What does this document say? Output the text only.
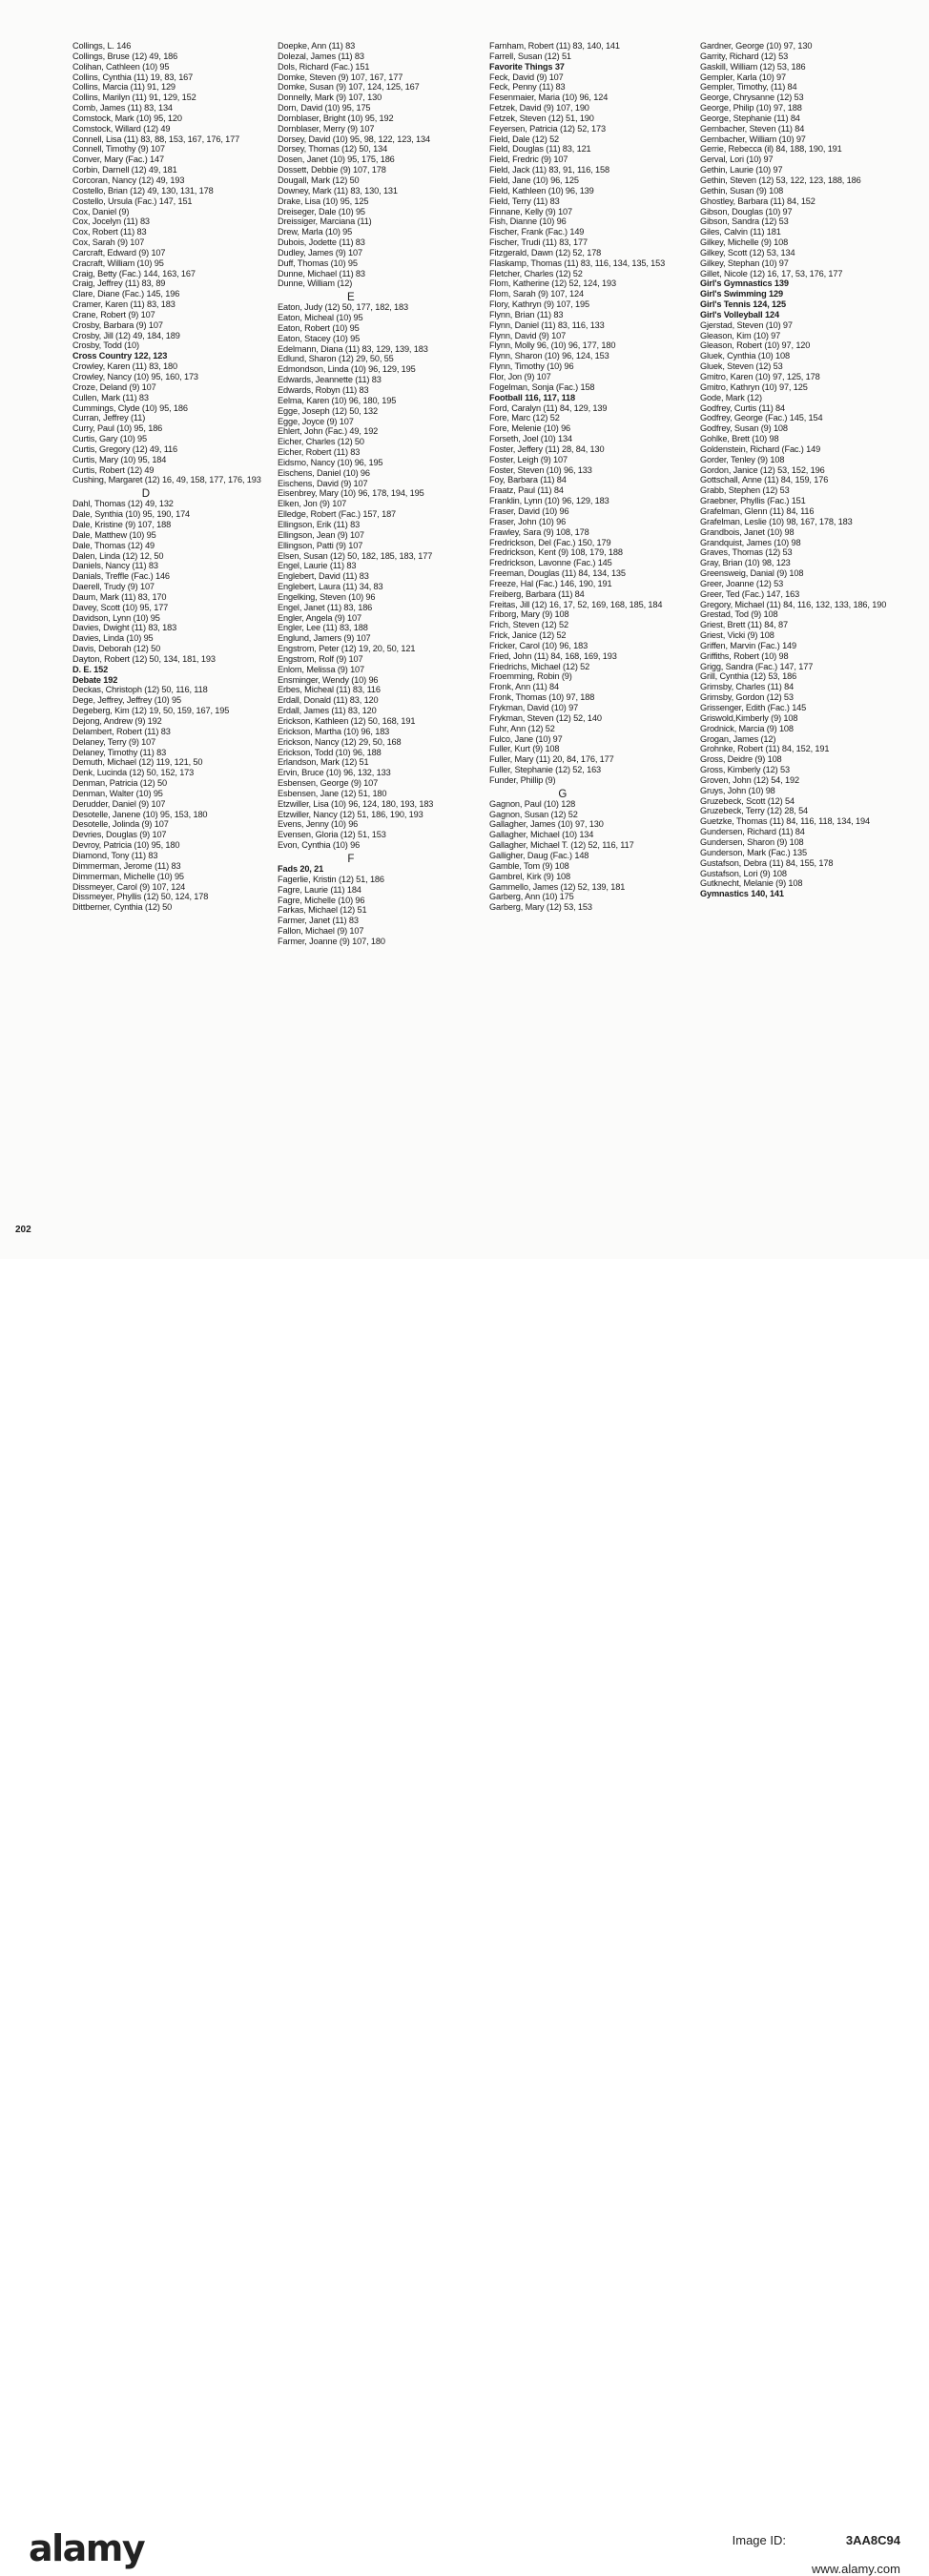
Collings, L. 146
Collings, Bruse (12) 49, 186
Colihan, Cathleen (10) 95
Collins, Cynthia (11) 19, 83, 167
Collins, Marcia (11) 91, 129
Collins, Marilyn (11) 91, 129, 152
Comb, James (11) 83, 134
Comstock, Mark (10) 95, 120
Comstock, Willard (12) 49
Connell, Lisa (11) 83, 88, 153, 167, 176, 177
Connell, Timothy (9) 107
Conver, Mary (Fac.) 147
Corbin, Darnell (12) 49, 181
Corcoran, Nancy (12) 49, 193
Costello, Brian (12) 49, 130, 131, 178
Costello, Ursula (Fac.) 147, 151
Cox, Daniel (9)
Cox, Jocelyn (11) 83
Cox, Robert (11) 83
Cox, Sarah (9) 107
Carcraft, Edward (9) 107
Cracraft, William (10) 95
Craig, Betty (Fac.) 144, 163, 167
Craig, Jeffrey (11) 83, 89
Clare, Diane (Fac.) 145, 196
Cramer, Karen (11) 83, 183
Crane, Robert (9) 107
Crosby, Barbara (9) 107
Crosby, Jill (12) 49, 184, 189
Crosby, Todd (10)
Cross Country 122, 123
Crowley, Karen (11) 83, 180
Crowley, Nancy (10) 95, 160, 173
Croze, Deland (9) 107
Cullen, Mark (11) 83
Cummings, Clyde (10) 95, 186
Curran, Jeffrey (11)
Curry, Paul (10) 95, 186
Curtis, Gary (10) 95
Curtis, Gregory (12) 49, 116
Curtis, Mary (10) 95, 184
Curtis, Robert (12) 49
Cushing, Margaret (12) 16, 49, 158, 177, 176, 193
D
Dahl, Thomas (12) 49, 132
Dale, Synthia (10) 95, 190, 174
Dale, Kristine (9) 107, 188
Dale, Matthew (10) 95
Dale, Thomas (12) 49
Dalen, Linda (12) 12, 50
Daniels, Nancy (11) 83
Danials, Treffle (Fac.) 146
Daerell, Trudy (9) 107
Daum, Mark (11) 83, 170
Davey, Scott (10) 95, 177
Davidson, Lynn (10) 95
Davies, Dwight (11) 83, 183
Davies, Linda (10) 95
Davis, Deborah (12) 50
Dayton, Robert (12) 50, 134, 181, 193
D. E. 152
Debate 192
Deckas, Christoph (12) 50, 116, 118
Dege, Jeffrey, Jeffrey (10) 95
Degeberg, Kim (12) 19, 50, 159, 167, 195
Dejong, Andrew (9) 192
Delambert, Robert (11) 83
Delaney, Terry (9) 107
Delaney, Timothy (11) 83
Demuth, Michael (12) 119, 121, 50
Denk, Lucinda (12) 50, 152, 173
Denman, Patricia (12) 50
Denman, Walter (10) 95
Derudder, Daniel (9) 107
Desotelle, Janene (10) 95, 153, 180
Desotelle, Jolinda (9) 107
Devries, Douglas (9) 107
Devroy, Patricia (10) 95, 180
Diamond, Tony (11) 83
Dimmerman, Jerome (11) 83
Dimmerman, Michelle (10) 95
Dissmeyer, Carol (9) 107, 124
Dissmeyer, Phyllis (12) 50, 124, 178
Dittberner, Cynthia (12) 50
Doepke, Ann (11) 83
Dolezal, James (11) 83
Dols, Richard (Fac.) 151
Domke, Steven (9) 107, 167, 177
Domke, Susan (9) 107, 124, 125, 167
Donnelly, Mark (9) 107, 130
Dorn, David (10) 95, 175
Dornblaser, Bright (10) 95, 192
Dornblaser, Merry (9) 107
Dorsey, David (10) 95, 98, 122, 123, 134
Dorsey, Thomas (12) 50, 134
Dosen, Janet (10) 95, 175, 186
Dossett, Debbie (9) 107, 178
Dougall, Mark (12) 50
Downey, Mark (11) 83, 130, 131
Drake, Lisa (10) 95, 125
Dreiseger, Dale (10) 95
Dreissiger, Marciana (11)
Drew, Marla (10) 95
Dubois, Jodette (11) 83
Dudley, James (9) 107
Duff, Thomas (10) 95
Dunne, Michael (11) 83
Dunne, William (12)
E
Eaton, Judy (12) 50, 177, 182, 183
Eaton, Micheal (10) 95
Eaton, Robert (10) 95
Eaton, Stacey (10) 95
Edelmann, Diana (11) 83, 129, 139, 183
Edlund, Sharon (12) 29, 50, 55
Edmondson, Linda (10) 96, 129, 195
Edwards, Jeannette (11) 83
Edwards, Robyn (11) 83
Eelma, Karen (10) 96, 180, 195
Egge, Joseph (12) 50, 132
Egge, Joyce (9) 107
Ehlert, John (Fac.) 49, 192
Eicher, Charles (12) 50
Eicher, Robert (11) 83
Eidsmo, Nancy (10) 96, 195
Eischens, Daniel (10) 96
Eischens, David (9) 107
Eisenbrey, Mary (10) 96, 178, 194, 195
Elken, Jon (9) 107
Elledge, Robert (Fac.) 157, 187
Ellingson, Erik (11) 83
Ellingson, Jean (9) 107
Ellingson, Patti (9) 107
Elsen, Susan (12) 50, 182, 185, 183, 177
Engel, Laurie (11) 83
Englebert, David (11) 83
Englebert, Laura (11) 34, 83
Engelking, Steven (10) 96
Engel, Janet (11) 83, 186
Engler, Angela (9) 107
Engler, Lee (11) 83, 188
Englund, Jamers (9) 107
Engstrom, Peter (12) 19, 20, 50, 121
Engstrom, Rolf (9) 107
Enlom, Melissa (9) 107
Ensminger, Wendy (10) 96
Erbes, Micheal (11) 83, 116
Erdall, Donald (11) 83, 120
Erdall, James (11) 83, 120
Erickson, Kathleen (12) 50, 168, 191
Erickson, Martha (10) 96, 183
Erickson, Nancy (12) 29, 50, 168
Erickson, Todd (10) 96, 188
Erlandson, Mark (12) 51
Ervin, Bruce (10) 96, 132, 133
Esbensen, George (9) 107
Esbensen, Jane (12) 51, 180
Etzwiller, Lisa (10) 96, 124, 180, 193, 183
Etzwiller, Nancy (12) 51, 186, 190, 193
Evens, Jenny (10) 96
Evensen, Gloria (12) 51, 153
Evon, Cynthia (10) 96
F
Fads 20, 21
Fagerlie, Kristin (12) 51, 186
Fagre, Laurie (11) 184
Fagre, Michelle (10) 96
Farkas, Michael (12) 51
Farmer, Janet (11) 83
Fallon, Michael (9) 107
Farmer, Joanne (9) 107, 180
Farnham, Robert (11) 83, 140, 141
Farrell, Susan (12) 51
Favorite Things 37
Feck, David (9) 107
Feck, Penny (11) 83
Fesenmaier, Maria (10) 96, 124
Fetzek, David (9) 107, 190
Fetzek, Steven (12) 51, 190
Feyersen, Patricia (12) 52, 173
Field, Dale (12) 52
Field, Douglas (11) 83, 121
Field, Fredric (9) 107
Field, Jack (11) 83, 91, 116, 158
Field, Jane (10) 96, 125
Field, Kathleen (10) 96, 139
Field, Terry (11) 83
Finnane, Kelly (9) 107
Fish, Dianne (10) 96
Fischer, Frank (Fac.) 149
Fischer, Trudi (11) 83, 177
Fitzgerald, Dawn (12) 52, 178
Flaskamp, Thomas (11) 83, 116, 134, 135, 153
Fletcher, Charles (12) 52
Flom, Katherine (12) 52, 124, 193
Flom, Sarah (9) 107, 124
Flory, Kathryn (9) 107, 195
Flynn, Brian (11) 83
Flynn, Daniel (11) 83, 116, 133
Flynn, David (9) 107
Flynn, Molly 96, (10) 96, 177, 180
Flynn, Sharon (10) 96, 124, 153
Flynn, Timothy (10) 96
Flor, Jon (9) 107
Fogelman, Sonja (Fac.) 158
Football 116, 117, 118
Ford, Caralyn (11) 84, 129, 139
Fore, Marc (12) 52
Fore, Melenie (10) 96
Forseth, Joel (10) 134
Foster, Jeffery (11) 28, 84, 130
Foster, Leigh (9) 107
Foster, Steven (10) 96, 133
Foy, Barbara (11) 84
Fraatz, Paul (11) 84
Franklin, Lynn (10) 96, 129, 183
Fraser, David (10) 96
Fraser, John (10) 96
Frawley, Sara (9) 108, 178
Fredrickson, Del (Fac.) 150, 179
Fredrickson, Kent (9) 108, 179, 188
Fredrickson, Lavonne (Fac.) 145
Freeman, Douglas (11) 84, 134, 135
Freeze, Hal (Fac.) 146, 190, 191
Freiberg, Barbara (11) 84
Freitas, Jill (12) 16, 17, 52, 169, 168, 185, 184
Friborg, Mary (9) 108
Frich, Steven (12) 52
Frick, Janice (12) 52
Fricker, Carol (10) 96, 183
Fried, John (11) 84, 168, 169, 193
Friedrichs, Michael (12) 52
Froemming, Robin (9)
Fronk, Ann (11) 84
Fronk, Thomas (10) 97, 188
Frykman, David (10) 97
Frykman, Steven (12) 52, 140
Fuhr, Ann (12) 52
Fulco, Jane (10) 97
Fuller, Kurt (9) 108
Fuller, Mary (11) 20, 84, 176, 177
Fuller, Stephanie (12) 52, 163
Funder, Phillip (9)
G
Gagnon, Paul (10) 128
Gagnon, Susan (12) 52
Gallagher, James (10) 97, 130
Gallagher, Michael (10) 134
Gallagher, Michael T. (12) 52, 116, 117
Galligher, Daug (Fac.) 148
Gamble, Tom (9) 108
Gambrel, Kirk (9) 108
Gammello, James (12) 52, 139, 181
Garberg, Ann (10) 175
Garberg, Mary (12) 53, 153
Gardner, George (10) 97, 130
Garrity, Richard (12) 53
Gaskill, William (12) 53, 186
Gempler, Karla (10) 97
Gempler, Timothy, (11) 84
George, Chrysanne (12) 53
George, Philip (10) 97, 188
George, Stephanie (11) 84
Gernbacher, Steven (11) 84
Gernbacher, William (10) 97
Gerrie, Rebecca (il) 84, 188, 190, 191
Gerval, Lori (10) 97
Gethin, Laurie (10) 97
Gethin, Steven (12) 53, 122, 123, 188, 186
Gethin, Susan (9) 108
Ghostley, Barbara (11) 84, 152
Gibson, Douglas (10) 97
Gibson, Sandra (12) 53
Giles, Calvin (11) 181
Gilkey, Michelle (9) 108
Gilkey, Scott (12) 53, 134
Gilkey, Stephan (10) 97
Gillet, Nicole (12) 16, 17, 53, 176, 177
Girl's Gymnastics 139
Girl's Swimming 129
Girl's Tennis 124, 125
Girl's Volleyball 124
Gjerstad, Steven (10) 97
Gleason, Kim (10) 97
Gleason, Robert (10) 97, 120
Gluek, Cynthia (10) 108
Gluek, Steven (12) 53
Gmitro, Karen (10) 97, 125, 178
Gmitro, Kathryn (10) 97, 125
Gode, Mark (12)
Godfrey, Curtis (11) 84
Godfrey, George (Fac.) 145, 154
Godfrey, Susan (9) 108
Gohlke, Brett (10) 98
Goldenstein, Richard (Fac.) 149
Gorder, Tenley (9) 108
Gordon, Janice (12) 53, 152, 196
Gottschall, Anne (11) 84, 159, 176
Grabb, Stephen (12) 53
Graebner, Phyllis (Fac.) 151
Grafelman, Glenn (11) 84, 116
Grafelman, Leslie (10) 98, 167, 178, 183
Grandbois, Janet (10) 98
Grandquist, James (10) 98
Graves, Thomas (12) 53
Gray, Brian (10) 98, 123
Greensweig, Danial (9) 108
Greer, Joanne (12) 53
Greer, Ted (Fac.) 147, 163
Gregory, Michael (11) 84, 116, 132, 133, 186, 190
Grestad, Tod (9) 108
Griest, Brett (11) 84, 87
Griest, Vicki (9) 108
Griffen, Marvin (Fac.) 149
Griffiths, Robert (10) 98
Grigg, Sandra (Fac.) 147, 177
Grill, Cynthia (12) 53, 186
Grimsby, Charles (11) 84
Grimsby, Gordon (12) 53
Grissenger, Edith (Fac.) 145
Griswold,Kimberly (9) 108
Grodnick, Marcia (9) 108
Grogan, James (12)
Grohnke, Robert (11) 84, 152, 191
Gross, Deidre (9) 108
Gross, Kimberly (12) 53
Groven, John (12) 54, 192
Gruys, John (10) 98
Gruzebeck, Scott (12) 54
Gruzebeck, Terry (12) 28, 54
Guetzke, Thomas (11) 84, 116, 118, 134, 194
Gundersen, Richard (11) 84
Gundersen, Sharon (9) 108
Gunderson, Mark (Fac.) 135
Gustafson, Debra (11) 84, 155, 178
Gustafson, Lori (9) 108
Gutknecht, Melanie (9) 108
Gymnastics 140, 141
202
alamy	Image ID:	3AA8C94
www.alamy.com
